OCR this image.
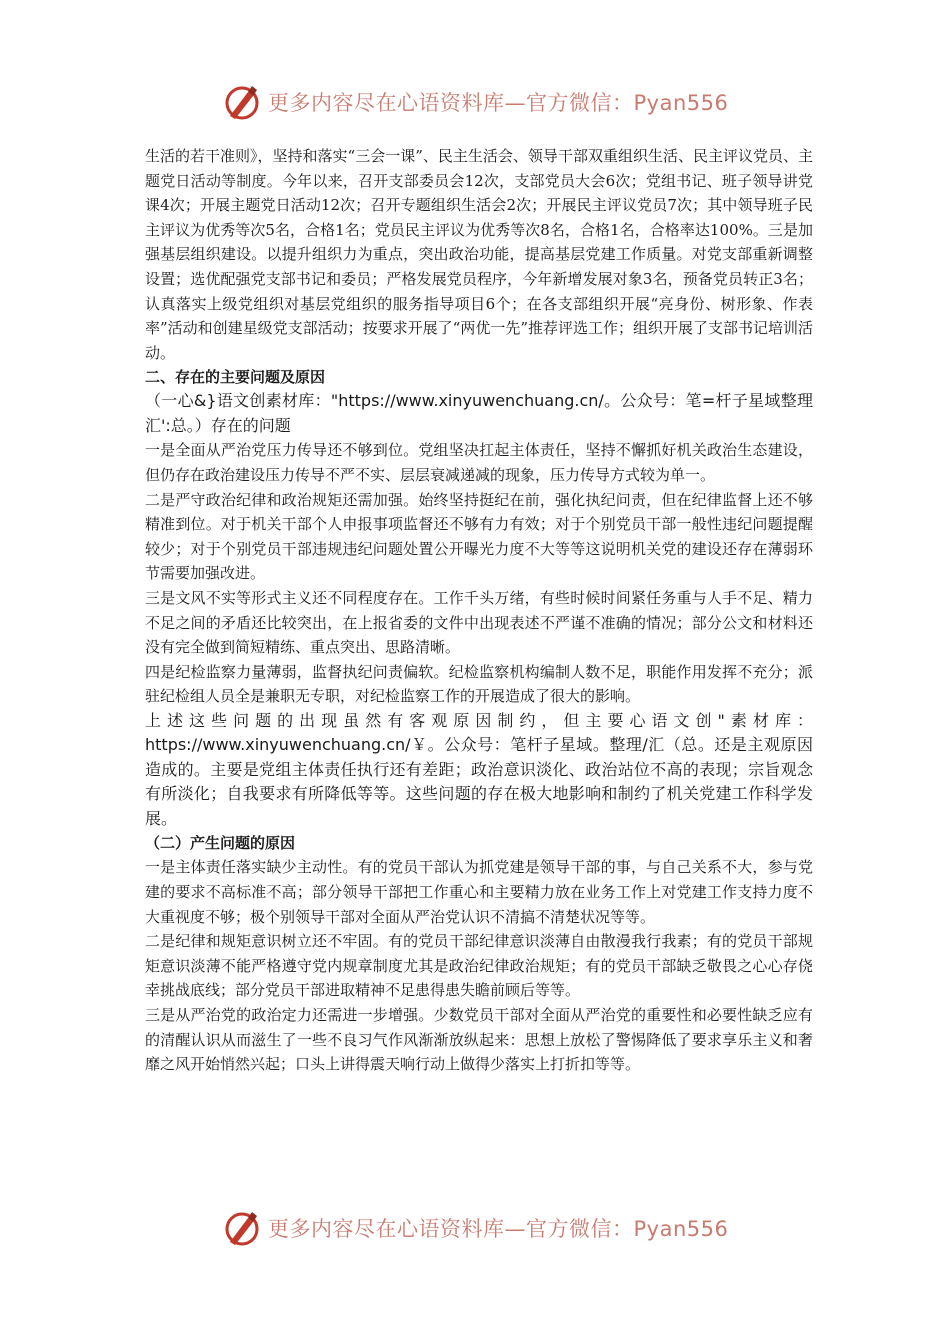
更多内容尽在心语资料库—官方微信：Pyan556

生活的若干准则》，坚持和落实“三会一课”、民主生活会、领导干部双重组织生活、民主评议党员、主题党日活动等制度。今年以来，召开支部委员会12次，支部党员大会6次；党组书记、班子领导讲党课4次；开展主题党日活动12次；召开专题组织生活会2次；开展民主评议党员7次；其中领导班子民主评议为优秀等次5名，合格1名；党员民主评议为优秀等次8名，合格1名，合格率达100%。三是加强基层组织建设。以提升组织力为重点，突出政治功能，提高基层党建工作质量。对党支部重新调整设置；选优配强党支部书记和委员；严格发展党员程序，今年新增发展对象3名，预备党员转正3名；认真落实上级党组织对基层党组织的服务指导项目6个；在各支部组织开展“亮身份、树形象、作表率”活动和创建星级党支部活动；按要求开展了“两优一先”推荐评选工作；组织开展了支部书记培训活动。

二、存在的主要问题及原因

（一心&}语文创素材库："https://www.xinyuwenchuang.cn/。公众号：笔=杆子星域整理汇':总。）存在的问题

一是全面从严治党压力传导还不够到位。党组坚决扛起主体责任，坚持不懈抓好机关政治生态建设，但仍存在政治建设压力传导不严不实、层层衰减递减的现象，压力传导方式较为单一。

二是严守政治纪律和政治规矩还需加强。始终坚持挺纪在前，强化执纪问责，但在纪律监督上还不够精准到位。对于机关干部个人申报事项监督还不够有力有效；对于个别党员干部一般性违纪问题提醒较少；对于个别党员干部违规违纪问题处置公开曝光力度不大等等这说明机关党的建设还存在薄弱环节需要加强改进。

三是文风不实等形式主义还不同程度存在。工作千头万绪，有些时候时间紧任务重与人手不足、精力不足之间的矛盾还比较突出，在上报省委的文件中出现表述不严谨不准确的情况；部分公文和材料还没有完全做到简短精练、重点突出、思路清晰。

四是纪检监察力量薄弱，监督执纪问责偏软。纪检监察机构编制人数不足，职能作用发挥不充分；派驻纪检组人员全是兼职无专职，对纪检监察工作的开展造成了很大的影响。

上述这些问题的出现虽然有客观原因制约，但主要心语文创"素材库：https://www.xinyuwenchuang.cn/￥。公众号：笔杆子星域。整理/汇（总。还是主观原因造成的。主要是党组主体责任执行还有差距；政治意识淡化、政治站位不高的表现；宗旨观念有所淡化；自我要求有所降低等等。这些问题的存在极大地影响和制约了机关党建工作科学发展。

（二）产生问题的原因

一是主体责任落实缺少主动性。有的党员干部认为抓党建是领导干部的事，与自己关系不大，参与党建的要求不高标准不高；部分领导干部把工作重心和主要精力放在业务工作上对党建工作支持力度不大重视度不够；极个别领导干部对全面从严治党认识不清搞不清楚状况等等。

二是纪律和规矩意识树立还不牢固。有的党员干部纪律意识淡薄自由散漫我行我素；有的党员干部规矩意识淡薄不能严格遵守党内规章制度尤其是政治纪律政治规矩；有的党员干部缺乏敬畏之心心存侥幸挑战底线；部分党员干部进取精神不足患得患失瞻前顾后等等。

三是从严治党的政治定力还需进一步增强。少数党员干部对全面从严治党的重要性和必要性缺乏应有的清醒认识从而滋生了一些不良习气作风渐渐放纵起来：思想上放松了警惕降低了要求享乐主义和奢靡之风开始悄然兴起；口头上讲得震天响行动上做得少落实上打折扣等等。

更多内容尽在心语资料库—官方微信：Pyan556
